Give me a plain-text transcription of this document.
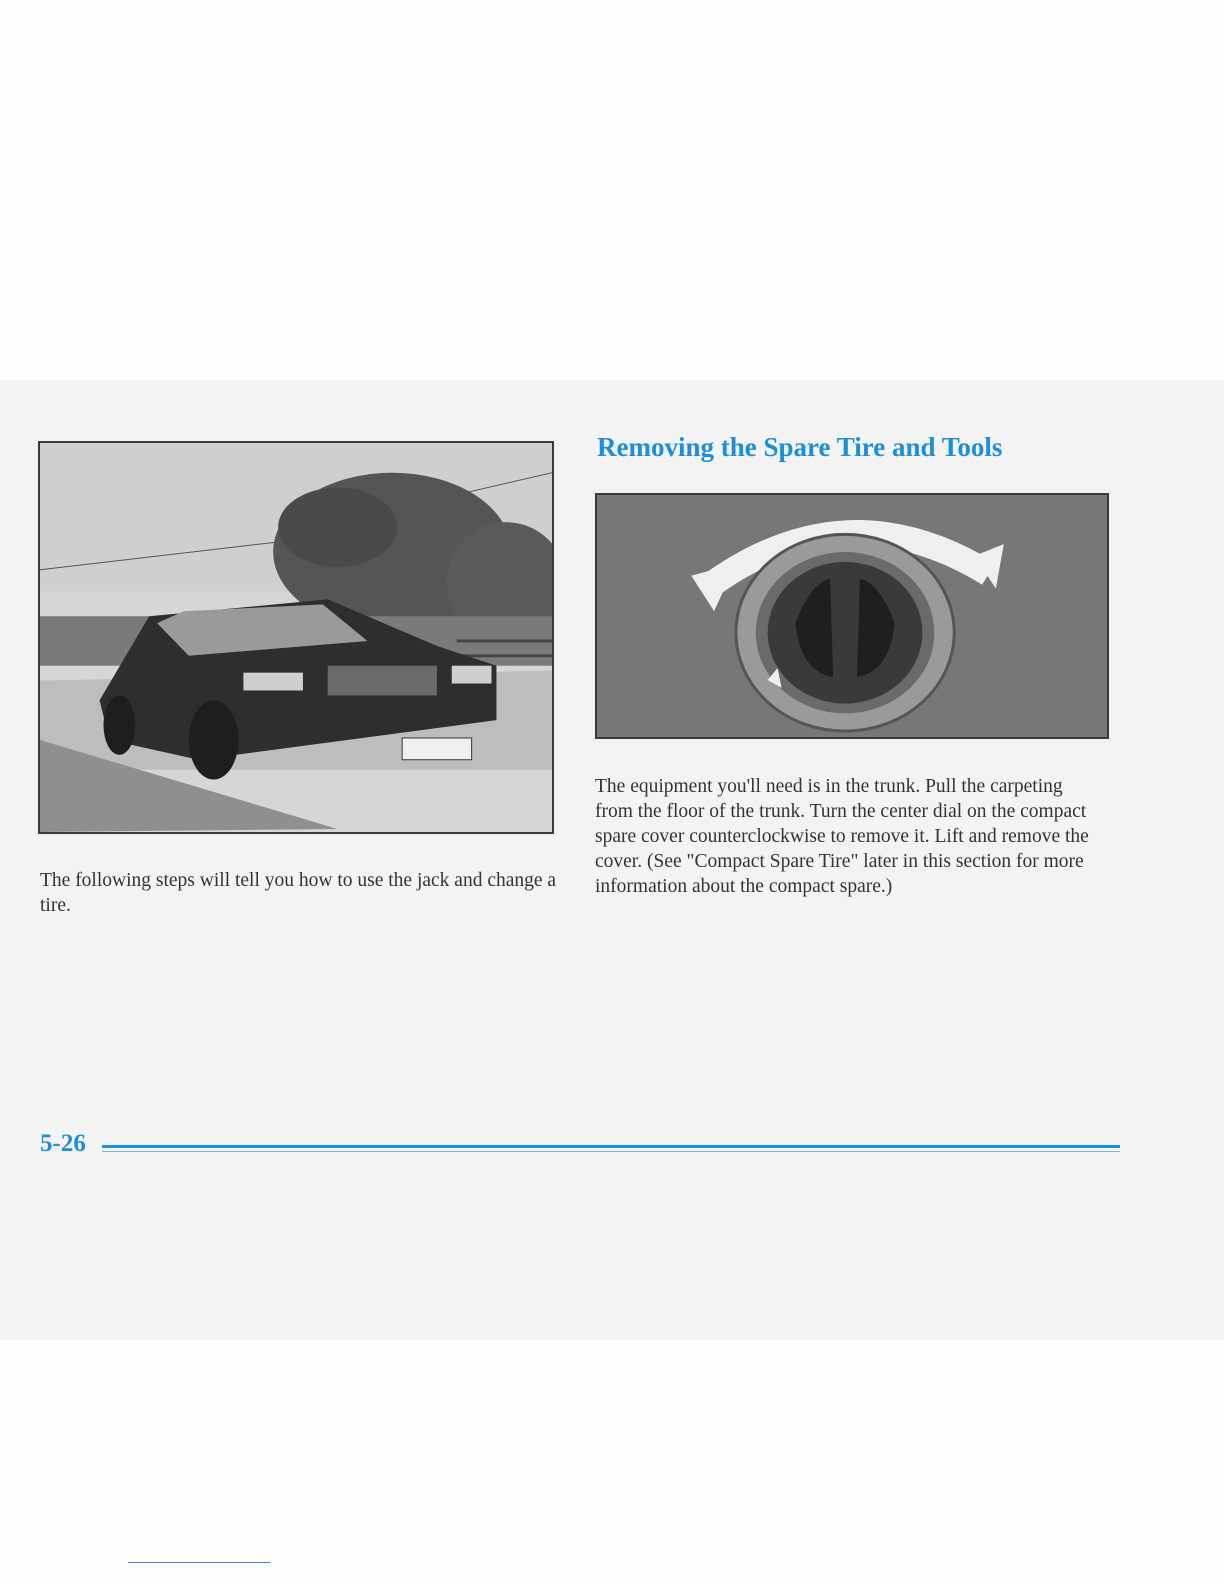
Removing the Spare Tire and Tools

The following steps will tell you how to use the jack and change a tire.

The equipment you'll need is in the trunk. Pull the carpeting from the floor of the trunk. Turn the center dial on the compact spare cover counterclockwise to remove it. Lift and remove the cover. (See "Compact Spare Tire" later in this section for more information about the compact spare.)

5-26
